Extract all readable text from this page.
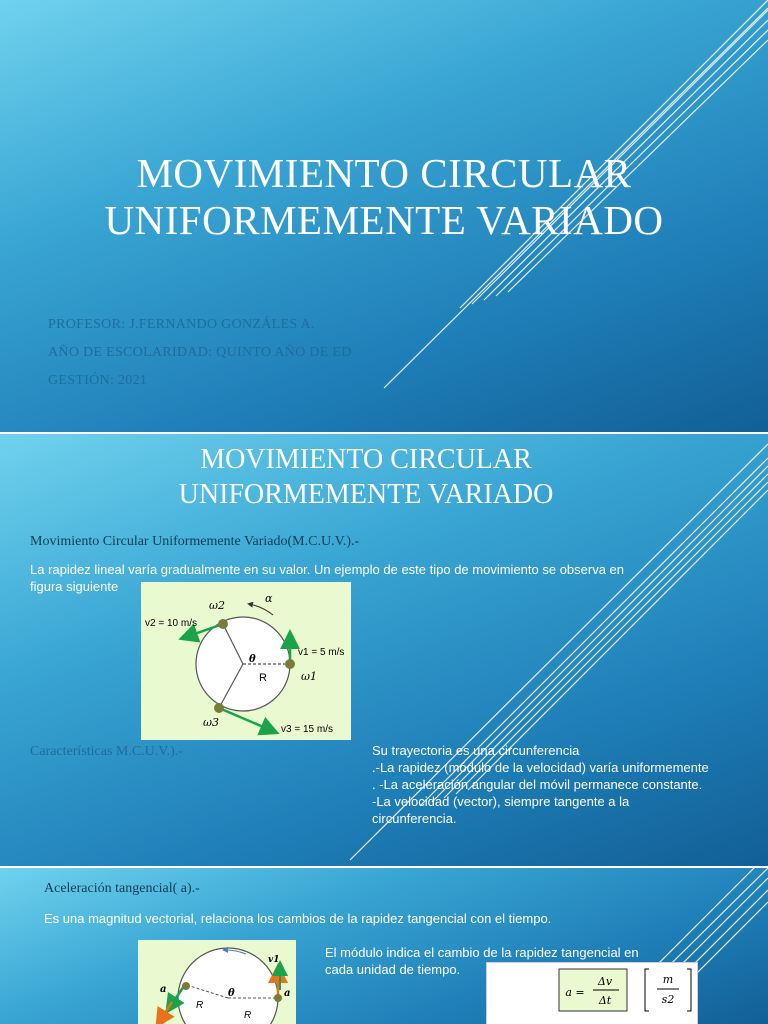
MOVIMIENTO CIRCULAR
UNIFORMEMENTE VARIADO
PROFESOR: J.FERNANDO GONZÁLES A.
AÑO DE ESCOLARIDAD: QUINTO AÑO DE ED
GESTIÓN: 2021
MOVIMIENTO CIRCULAR
UNIFORMEMENTE VARIADO
Movimiento Circular Uniformemente Variado(M.C.U.V.).-
La rapidez lineal varía gradualmente en su valor. Un ejemplo de este tipo de movimiento se observa en
figura siguiente
ω2
α
v2 = 10 m/s
v1 = 5 m/s
θ
R	ω1
ω3
v3 = 15 m/s
Características M.C.U.V.).-	Su trayectoria es una circunferencia
.-La rapidez (módulo de la velocidad) varía uniformemente
. -La aceleración angular del móvil permanece constante.
-La velocidad (vector), siempre tangente a la
circunferencia.
Aceleración tangencial( a).-
Es una magnitud vectorial, relaciona los cambios de la rapidez tangencial con el tiempo.
v1
a	a
θ
R
R
El módulo indica el cambio de la rapidez tangencial en
cada unidad de tiempo.
a =
Δv
Δt
m
s2
